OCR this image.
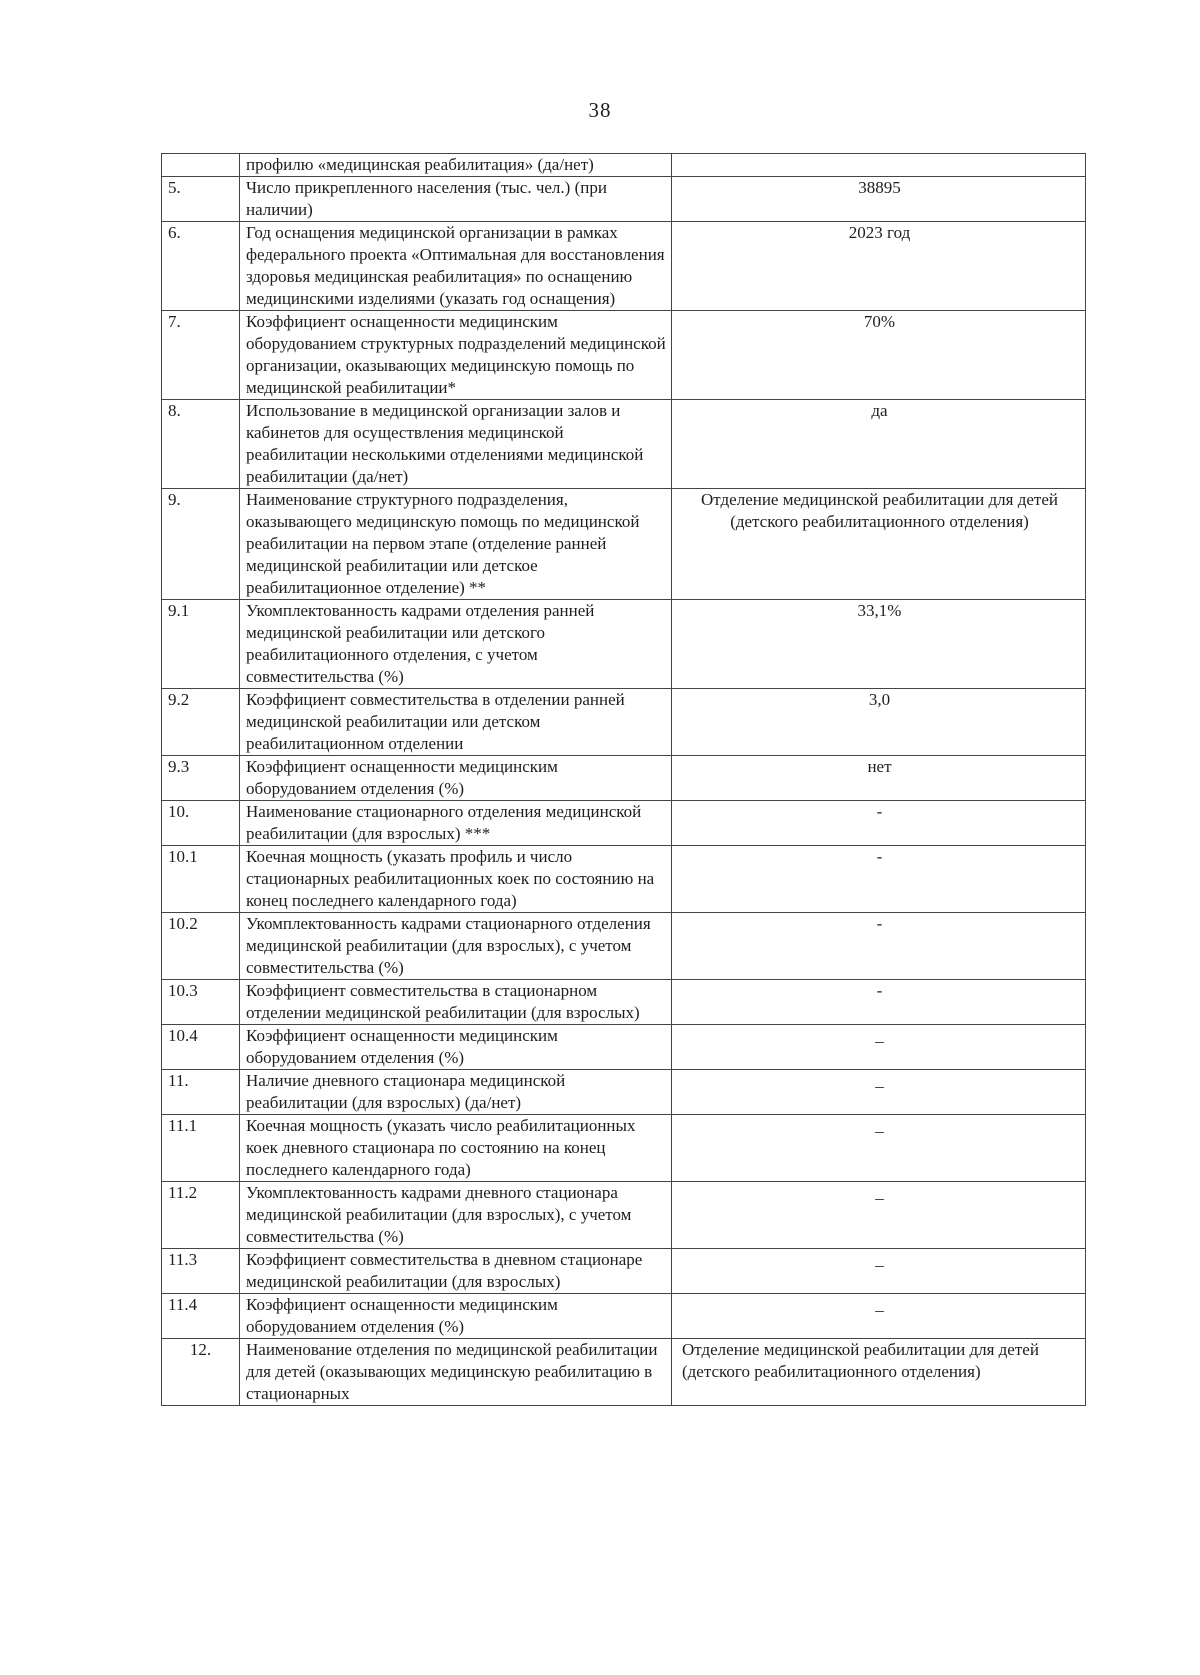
38
	профилю «медицинская реабилитация» (да/нет)	
5.	Число прикрепленного населения (тыс. чел.) (при наличии)	38895
6.	Год оснащения медицинской организации в рамках федерального проекта «Оптимальная для восстановления здоровья медицинская реабилитация» по оснащению медицинскими изделиями (указать год оснащения)	2023 год
7.	Коэффициент оснащенности медицинским оборудованием структурных подразделений медицинской организации, оказывающих медицинскую помощь по медицинской реабилитации*	70%
8.	Использование в медицинской организации залов и кабинетов для осуществления медицинской реабилитации несколькими отделениями медицинской реабилитации (да/нет)	да
9.	Наименование структурного подразделения, оказывающего медицинскую помощь по медицинской реабилитации на первом этапе (отделение ранней медицинской реабилитации или детское реабилитационное отделение) **	Отделение медицинской реабилитации для детей (детского реабилитационного отделения)
9.1	Укомплектованность кадрами отделения ранней медицинской реабилитации или детского реабилитационного отделения, с учетом совместительства (%)	33,1%
9.2	Коэффициент совместительства в отделении ранней медицинской реабилитации или детском реабилитационном отделении	3,0
9.3	Коэффициент оснащенности медицинским оборудованием отделения (%)	нет
10.	Наименование стационарного отделения медицинской реабилитации (для взрослых) ***	-
10.1	Коечная мощность (указать профиль и число стационарных реабилитационных коек по состоянию на конец последнего календарного года)	-
10.2	Укомплектованность кадрами стационарного отделения медицинской реабилитации (для взрослых), с учетом совместительства (%)	-
10.3	Коэффициент совместительства в стационарном отделении медицинской реабилитации (для взрослых)	-
10.4	Коэффициент оснащенности медицинским оборудованием отделения (%)	_
11.	Наличие дневного стационара медицинской реабилитации (для взрослых) (да/нет)	_
11.1	Коечная мощность (указать число реабилитационных коек дневного стационара по состоянию на конец последнего календарного года)	_
11.2	Укомплектованность кадрами дневного стационара медицинской реабилитации (для взрослых), с учетом совместительства (%)	_
11.3	Коэффициент совместительства в дневном стационаре медицинской реабилитации (для взрослых)	_
11.4	Коэффициент оснащенности медицинским оборудованием отделения (%)	_
12.	Наименование отделения по медицинской реабилитации для детей (оказывающих медицинскую реабилитацию в стационарных	Отделение медицинской реабилитации для детей (детского реабилитационного отделения)
